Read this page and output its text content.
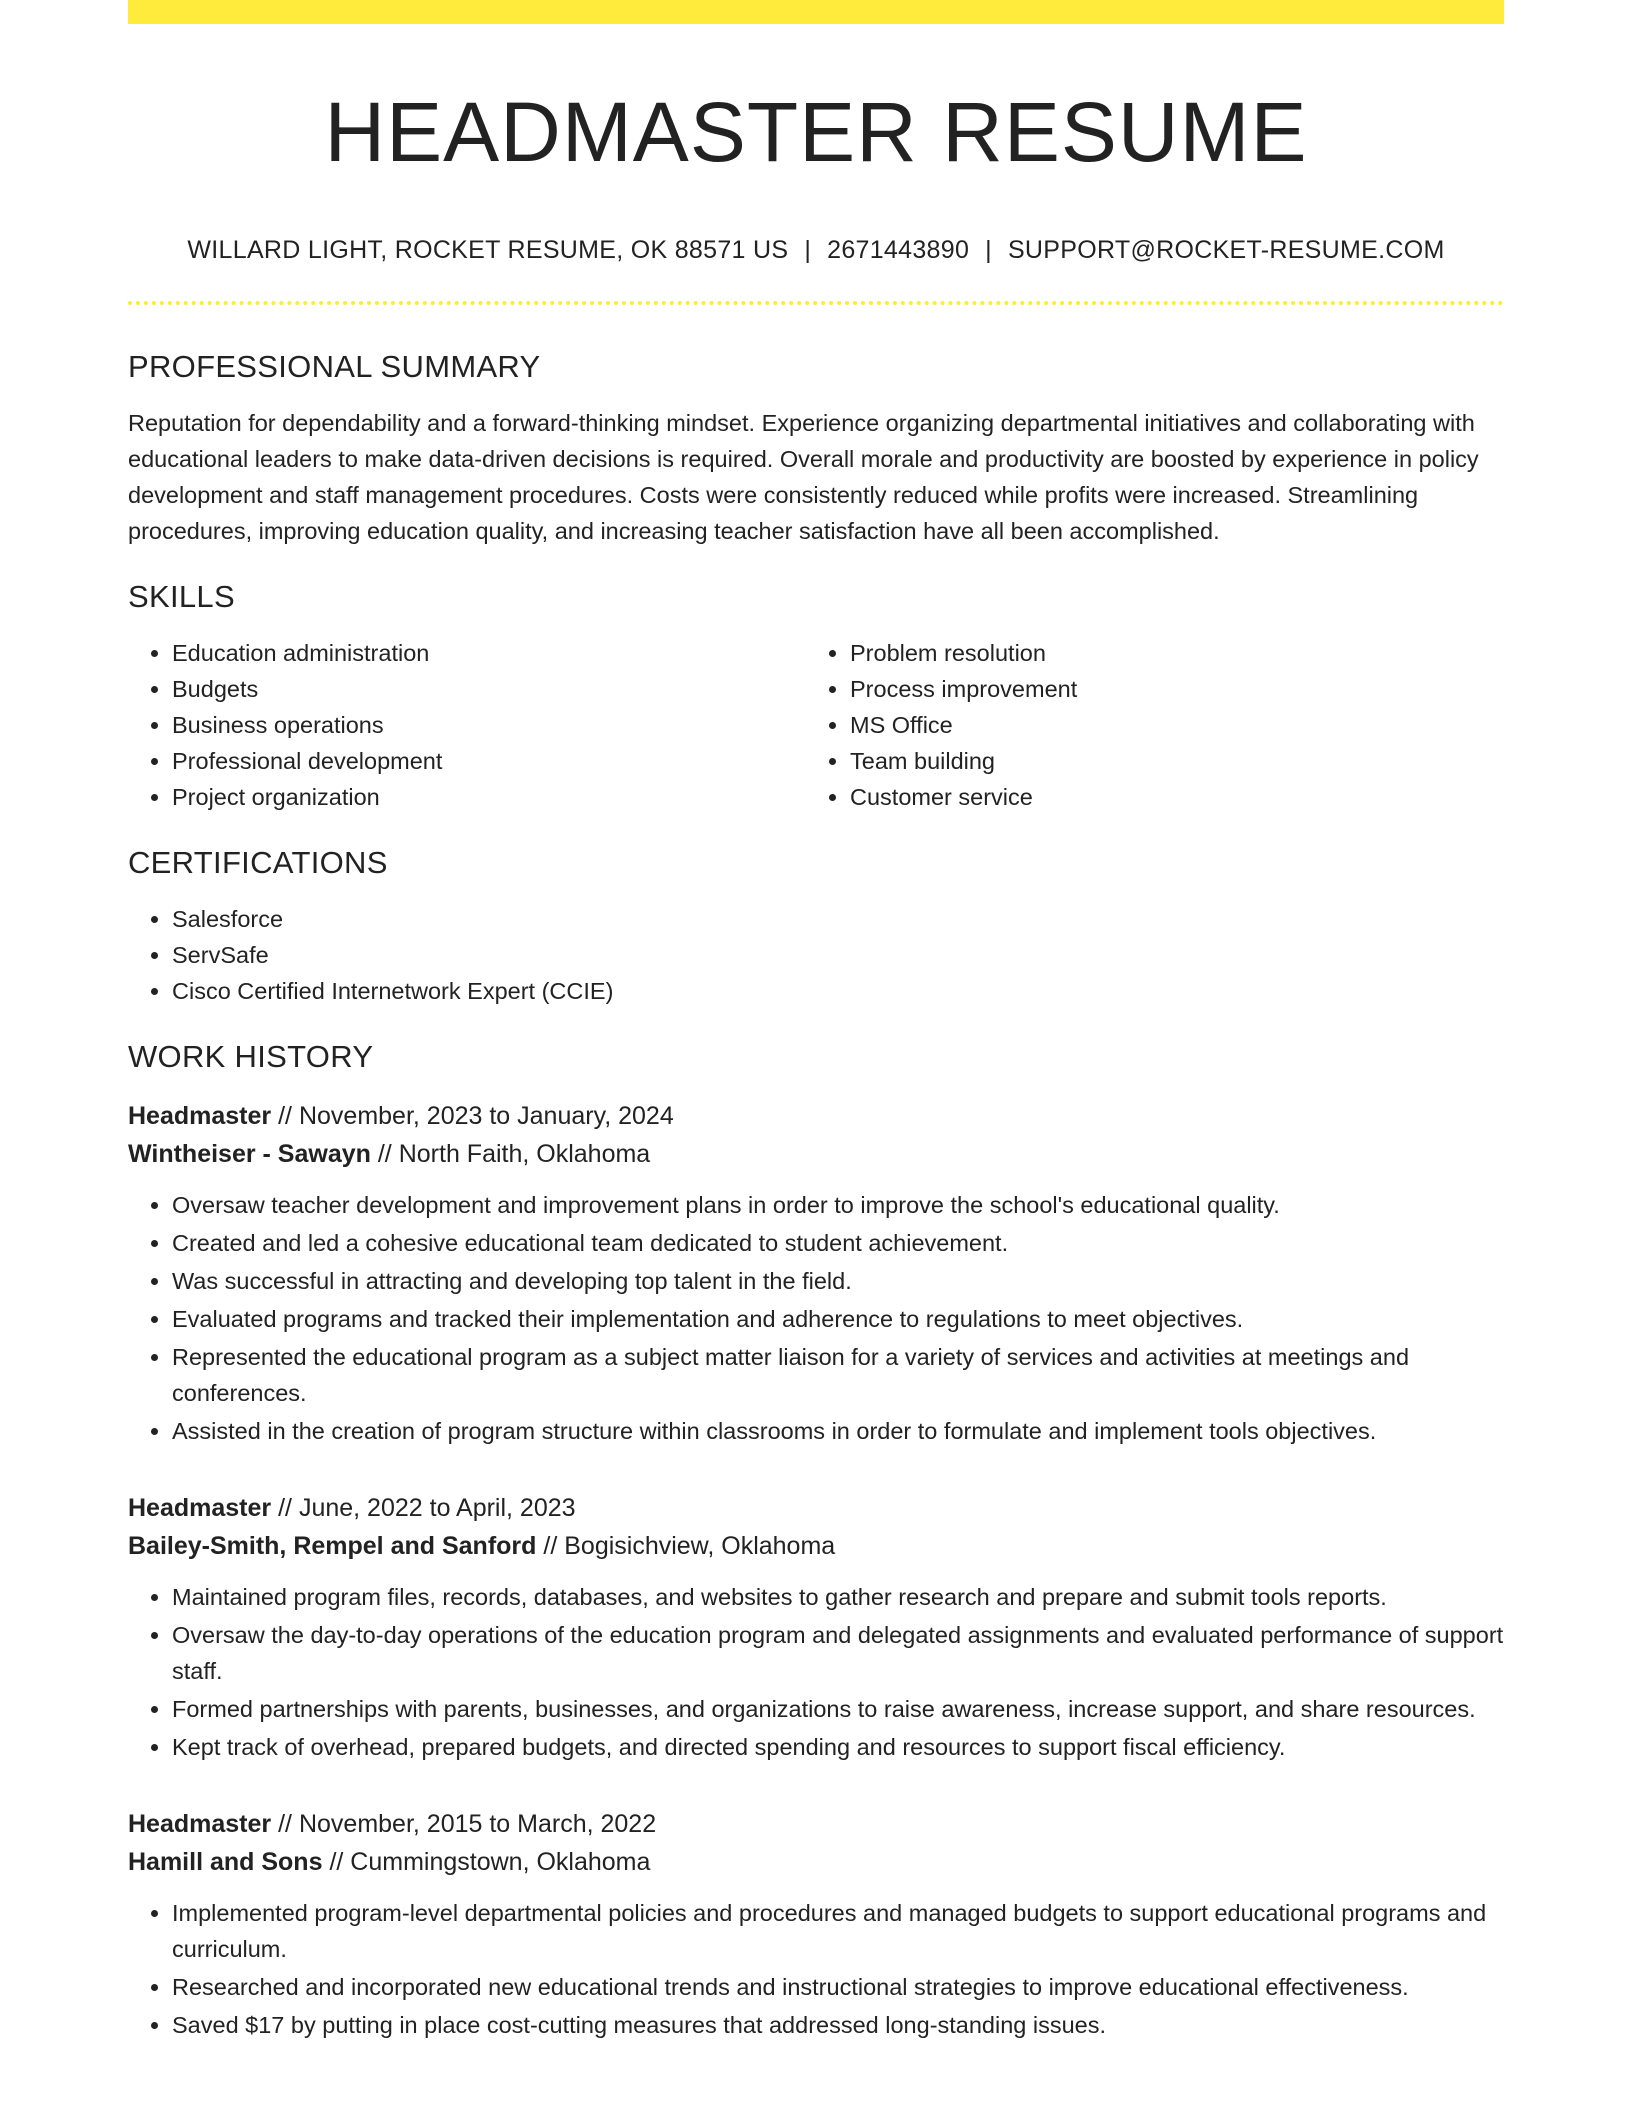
HEADMASTER RESUME
WILLARD LIGHT, ROCKET RESUME, OK 88571 US | 2671443890 | SUPPORT@ROCKET-RESUME.COM
PROFESSIONAL SUMMARY
Reputation for dependability and a forward-thinking mindset. Experience organizing departmental initiatives and collaborating with educational leaders to make data-driven decisions is required. Overall morale and productivity are boosted by experience in policy development and staff management procedures. Costs were consistently reduced while profits were increased. Streamlining procedures, improving education quality, and increasing teacher satisfaction have all been accomplished.
SKILLS
• Education administration
• Budgets
• Business operations
• Professional development
• Project organization
• Problem resolution
• Process improvement
• MS Office
• Team building
• Customer service
CERTIFICATIONS
• Salesforce
• ServSafe
• Cisco Certified Internetwork Expert (CCIE)
WORK HISTORY
Headmaster // November, 2023 to January, 2024
Wintheiser - Sawayn // North Faith, Oklahoma
• Oversaw teacher development and improvement plans in order to improve the school's educational quality.
• Created and led a cohesive educational team dedicated to student achievement.
• Was successful in attracting and developing top talent in the field.
• Evaluated programs and tracked their implementation and adherence to regulations to meet objectives.
• Represented the educational program as a subject matter liaison for a variety of services and activities at meetings and conferences.
• Assisted in the creation of program structure within classrooms in order to formulate and implement tools objectives.
Headmaster // June, 2022 to April, 2023
Bailey-Smith, Rempel and Sanford // Bogisichview, Oklahoma
• Maintained program files, records, databases, and websites to gather research and prepare and submit tools reports.
• Oversaw the day-to-day operations of the education program and delegated assignments and evaluated performance of support staff.
• Formed partnerships with parents, businesses, and organizations to raise awareness, increase support, and share resources.
• Kept track of overhead, prepared budgets, and directed spending and resources to support fiscal efficiency.
Headmaster // November, 2015 to March, 2022
Hamill and Sons // Cummingstown, Oklahoma
• Implemented program-level departmental policies and procedures and managed budgets to support educational programs and curriculum.
• Researched and incorporated new educational trends and instructional strategies to improve educational effectiveness.
• Saved $17 by putting in place cost-cutting measures that addressed long-standing issues.
